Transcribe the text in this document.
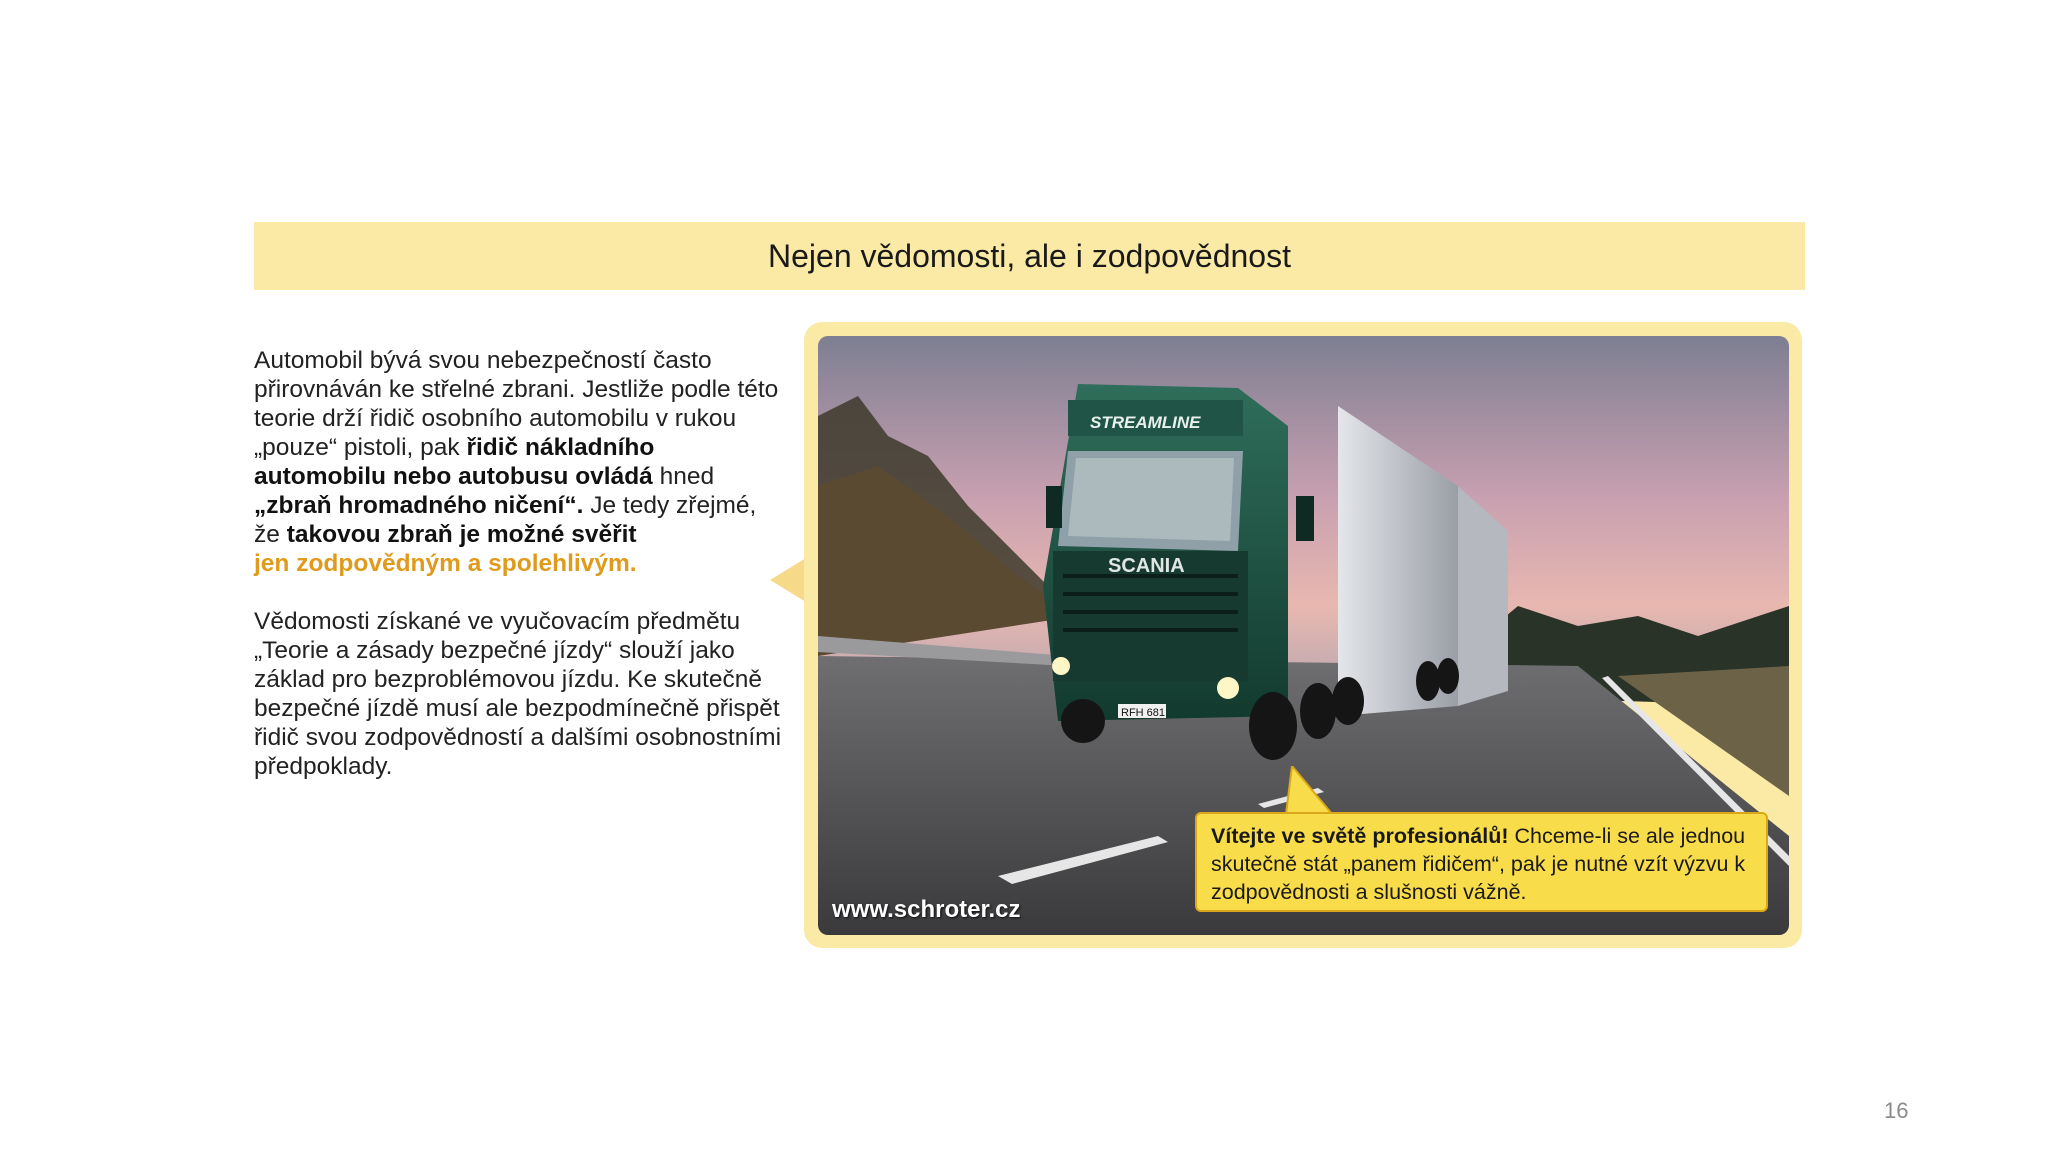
Nejen vědomosti, ale i zodpovědnost

Automobil bývá svou nebezpečností často přirovnáván ke střelné zbrani. Jestliže podle této teorie drží řidič osobního automobilu v rukou „pouze“ pistoli, pak řidič nákladního automobilu nebo autobusu ovládá hned „zbraň hromadného ničení“. Je tedy zřejmé, že takovou zbraň je možné svěřit
jen zodpovědným a spolehlivým.

Vědomosti získané ve vyučovacím předmětu „Teorie a zásady bezpečné jízdy“ slouží jako základ pro bezproblémovou jízdu. Ke skutečně bezpečné jízdě musí ale bezpodmínečně přispět řidič svou zodpovědností a dalšími osobnostními předpoklady.

STREAMLINE
SCANIA
RFH 681
www.schroter.cz
Vítejte ve světě profesionálů! Chceme-li se ale jednou skutečně stát „panem řidičem“, pak je nutné vzít výzvu k zodpovědnosti a slušnosti vážně.
16
